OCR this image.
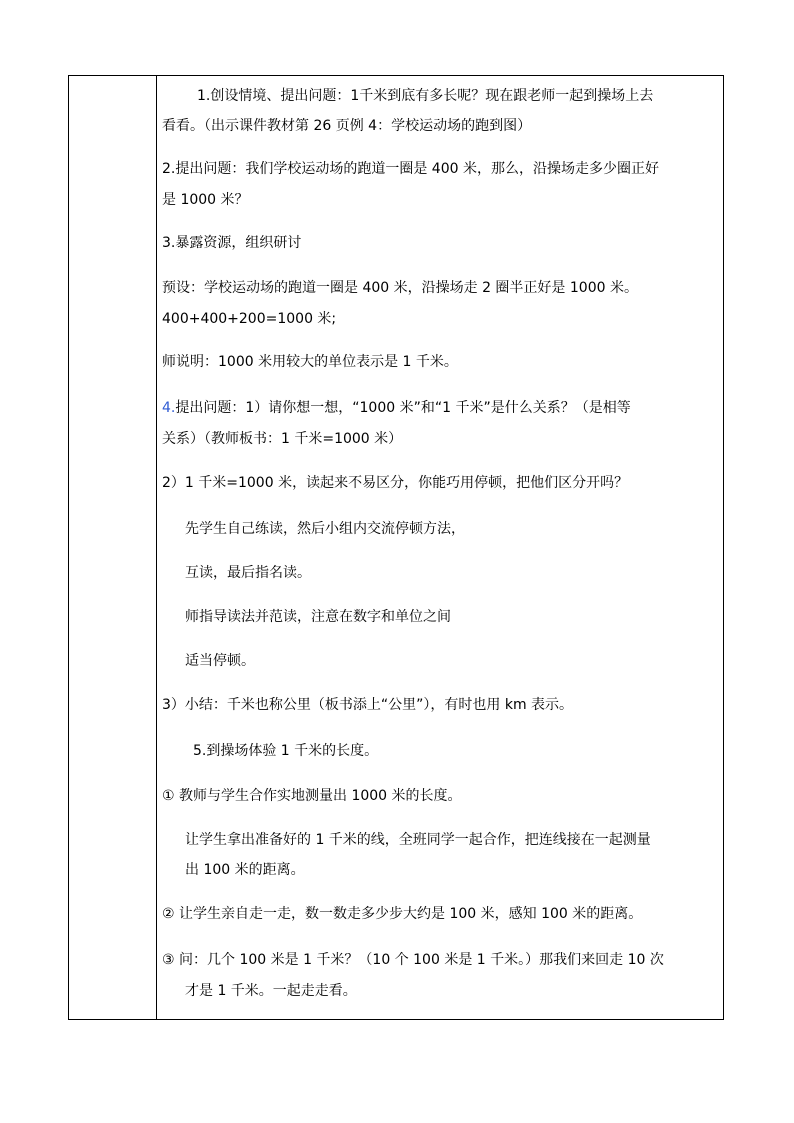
1.创设情境、提出问题：1千米到底有多长呢？现在跟老师一起到操场上去
看看。（出示课件教材第 26 页例 4：学校运动场的跑到图）
2.提出问题：我们学校运动场的跑道一圈是 400 米，那么，沿操场走多少圈正好
是 1000 米？
3.暴露资源，组织研讨
预设：学校运动场的跑道一圈是 400 米，沿操场走 2 圈半正好是 1000 米。
400+400+200=1000 米;
师说明：1000 米用较大的单位表示是 1 千米。
4.提出问题：1）请你想一想，“1000 米”和“1 千米”是什么关系？（是相等
关系）（教师板书：1 千米=1000 米）
2）1 千米=1000 米，读起来不易区分，你能巧用停顿，把他们区分开吗？
先学生自己练读，然后小组内交流停顿方法，
互读，最后指名读。
师指导读法并范读，注意在数字和单位之间
适当停顿。
3）小结：千米也称公里（板书添上“公里”），有时也用 km 表示。
5.到操场体验 1 千米的长度。
① 教师与学生合作实地测量出 1000 米的长度。
让学生拿出准备好的 1 千米的线，全班同学一起合作，把连线接在一起测量
出 100 米的距离。
② 让学生亲自走一走，数一数走多少步大约是 100 米，感知 100 米的距离。
③ 问：几个 100 米是 1 千米？（10 个 100 米是 1 千米。）那我们来回走 10 次
才是 1 千米。一起走走看。
